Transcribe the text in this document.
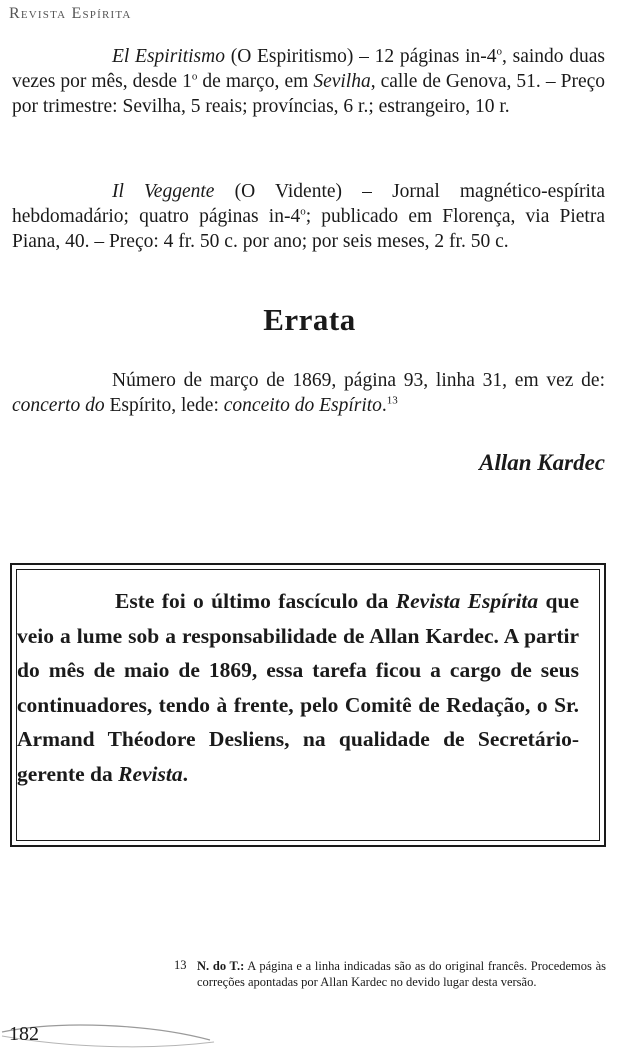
Revista Espírita

El Espiritismo (O Espiritismo) – 12 páginas in-4$^o$, saindo duas vezes por mês, desde 1$^o$ de março, em Sevilha, calle de Genova, 51. – Preço por trimestre: Sevilha, 5 reais; províncias, 6 r.; estrangeiro, 10 r.

Il Veggente (O Vidente) – Jornal magnético-espírita hebdomadário; quatro páginas in-4$^o$; publicado em Florença, via Pietra Piana, 40. – Preço: 4 fr. 50 c. por ano; por seis meses, 2 fr. 50 c.

Errata

Número de março de 1869, página 93, linha 31, em vez de: concerto do Espírito, lede: conceito do Espírito.$^{13}$

Allan Kardec

Este foi o último fascículo da Revista Espírita que veio a lume sob a responsabilidade de Allan Kardec. A partir do mês de maio de 1869, essa tarefa ficou a cargo de seus continuadores, tendo à frente, pelo Comitê de Redação, o Sr. Armand Théodore Desliens, na qualidade de Secretário-gerente da Revista.

13 N. do T.: A página e a linha indicadas são as do original francês. Procedemos às correções apontadas por Allan Kardec no devido lugar desta versão.

182
